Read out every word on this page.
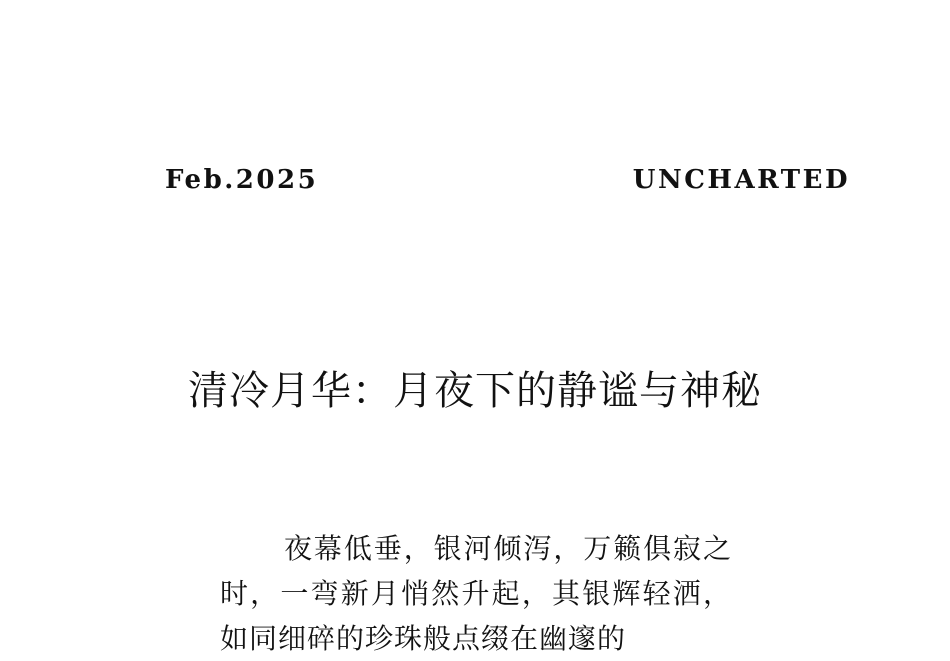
Feb.2025	UNCHARTED
清冷月华：月夜下的静谧与神秘

夜幕低垂，银河倾泻，万籁俱寂之时，一弯新月悄然升起，其银辉轻洒，如同细碎的珍珠般点缀在幽邃的
